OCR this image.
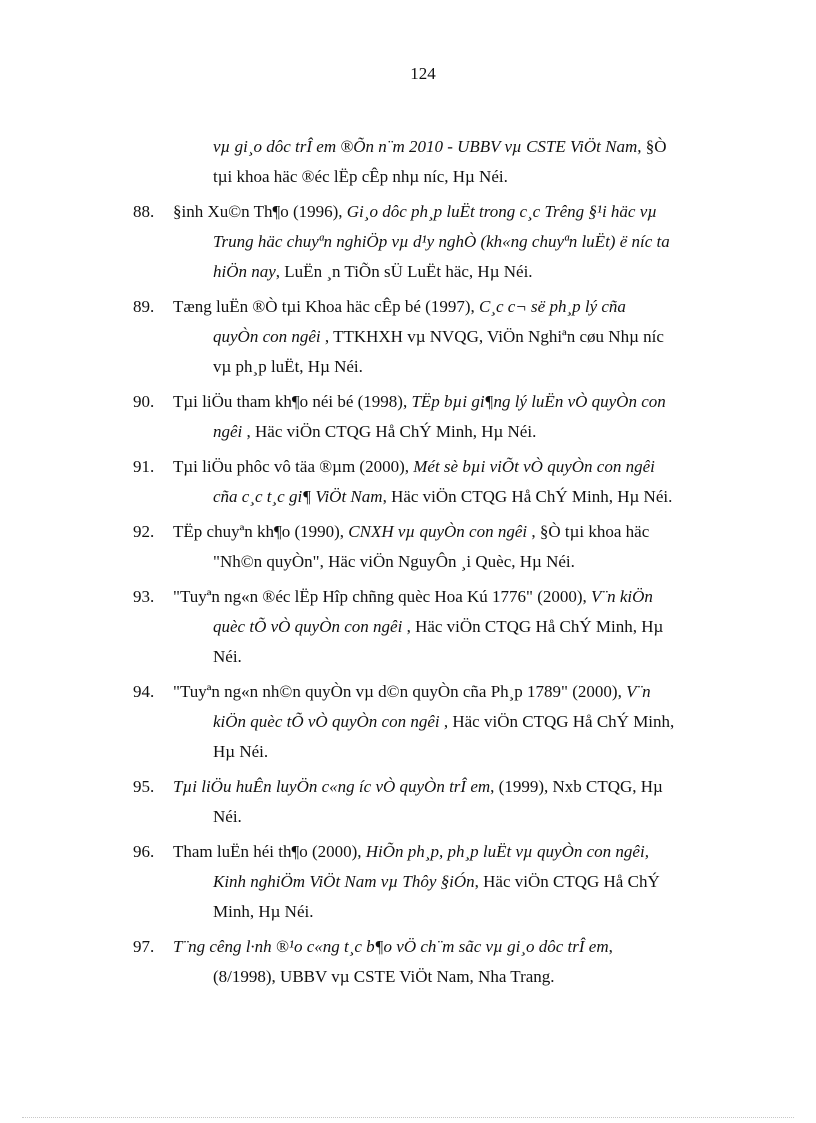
124
vµ gi¸o dôc trÎ em ®Õn n¨m 2010 - UBBV vµ CSTE ViÖt Nam, §Ò
tµi khoa häc ®éc lËp cÊp nhµ níc, Hµ Néi.
88.	§inh Xu©n Th¶o (1996), Gi¸o dôc ph¸p luËt trong c¸c Trêng §¹i häc vµ
Trung häc chuyªn nghiÖp vµ d¹y nghÒ (kh«ng chuyªn luËt) ë níc ta
hiÖn nay, LuËn ¸n TiÕn sÜ LuËt häc, Hµ Néi.
89.	Tæng luËn ®Ò tµi Khoa häc cÊp bé (1997), C¸c c¬ së ph¸p lý cña
quyÒn con ngêi , TTKHXH vµ NVQG, ViÖn Nghiªn cøu Nhµ níc
vµ ph¸p luËt, Hµ Néi.
90.	Tµi liÖu tham kh¶o néi bé (1998), TËp bµi gi¶ng lý luËn vÒ quyÒn con
ngêi , Häc viÖn CTQG Hå ChÝ Minh, Hµ Néi.
91.	Tµi liÖu phôc vô täa ®µm (2000), Mét sè bµi viÕt vÒ quyÒn con ngêi
cña c¸c t¸c gi¶ ViÖt Nam, Häc viÖn CTQG Hå ChÝ Minh, Hµ Néi.
92.	TËp chuyªn kh¶o (1990), CNXH vµ quyÒn con ngêi , §Ò tµi khoa häc
"Nh©n quyÒn", Häc viÖn NguyÔn ¸i Quèc, Hµ Néi.
93.	"Tuyªn ng«n ®éc lËp Hîp chñng quèc Hoa Kú 1776" (2000), V¨n kiÖn
quèc tÕ vÒ quyÒn con ngêi , Häc viÖn CTQG Hå ChÝ Minh, Hµ
Néi.
94.	"Tuyªn ng«n nh©n quyÒn vµ d©n quyÒn cña Ph¸p 1789" (2000), V¨n
kiÖn quèc tÕ vÒ quyÒn con ngêi , Häc viÖn CTQG Hå ChÝ Minh,
Hµ Néi.
95.	Tµi liÖu huÊn luyÖn c«ng íc vÒ quyÒn trÎ em, (1999), Nxb CTQG, Hµ
Néi.
96.	Tham luËn héi th¶o (2000), HiÕn ph¸p, ph¸p luËt vµ quyÒn con ngêi,
Kinh nghiÖm ViÖt Nam vµ Thôy §iÓn, Häc viÖn CTQG Hå ChÝ
Minh, Hµ Néi.
97.	T¨ng cêng l·nh ®¹o c«ng t¸c b¶o vÖ ch¨m sãc vµ gi¸o dôc trÎ em,
(8/1998), UBBV vµ CSTE ViÖt Nam, Nha Trang.
